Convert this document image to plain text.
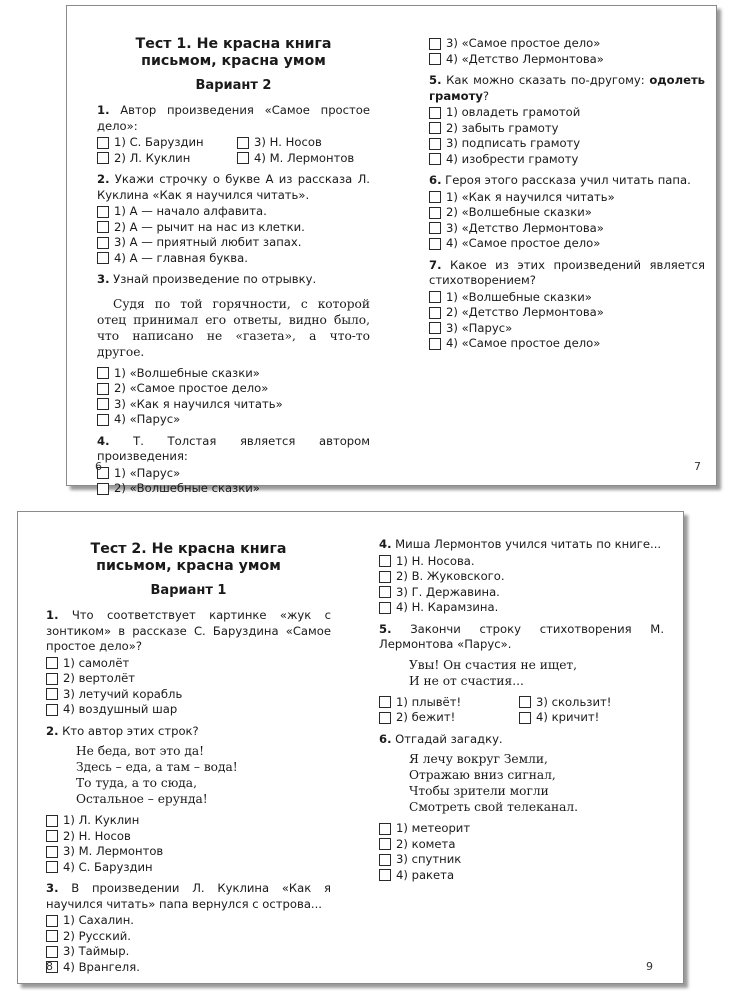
Тест 1. Не красна книга
письмом, красна умом
Вариант 2
1. Автор произведения «Самое простое дело»:
1) С. Баруздин	3) Н. Носов
2) Л. Куклин	4) М. Лермонтов
2. Укажи строчку о букве А из рассказа Л. Куклина «Как я научился читать».
1) А — начало алфавита.
2) А — рычит на нас из клетки.
3) А — приятный любит запах.
4) А — главная буква.
3. Узнай произведение по отрывку.
Судя по той горячности, с которой отец принимал его ответы, видно было, что написано не «газета», а что-то другое.
1) «Волшебные сказки»
2) «Самое простое дело»
3) «Как я научился читать»
4) «Парус»
4. Т. Толстая является автором произведения:
1) «Парус»
2) «Волшебные сказки»
3) «Самое простое дело»
4) «Детство Лермонтова»
5. Как можно сказать по-другому: одолеть грамоту?
1) овладеть грамотой
2) забыть грамоту
3) подписать грамоту
4) изобрести грамоту
6. Героя этого рассказа учил читать папа.
1) «Как я научился читать»
2) «Волшебные сказки»
3) «Детство Лермонтова»
4) «Самое простое дело»
7. Какое из этих произведений является стихотворением?
1) «Волшебные сказки»
2) «Детство Лермонтова»
3) «Парус»
4) «Самое простое дело»
6	7
Тест 2. Не красна книга
письмом, красна умом
Вариант 1
1. Что соответствует картинке «жук с зонтиком» в рассказе С. Баруздина «Самое простое дело»?
1) самолёт
2) вертолёт
3) летучий корабль
4) воздушный шар
2. Кто автор этих строк?
Не беда, вот это да!
Здесь – еда, а там – вода!
То туда, а то сюда,
Остальное – ерунда!
1) Л. Куклин
2) Н. Носов
3) М. Лермонтов
4) С. Баруздин
3. В произведении Л. Куклина «Как я научился читать» папа вернулся с острова...
1) Сахалин.
2) Русский.
3) Таймыр.
4) Врангеля.
4. Миша Лермонтов учился читать по книге...
1) Н. Носова.
2) В. Жуковского.
3) Г. Державина.
4) Н. Карамзина.
5. Закончи строку стихотворения М. Лермонтова «Парус».
Увы! Он счастия не ищет,
И не от счастия...
1) плывёт!	3) скользит!
2) бежит!	4) кричит!
6. Отгадай загадку.
Я лечу вокруг Земли,
Отражаю вниз сигнал,
Чтобы зрители могли
Смотреть свой телеканал.
1) метеорит
2) комета
3) спутник
4) ракета
8	9
